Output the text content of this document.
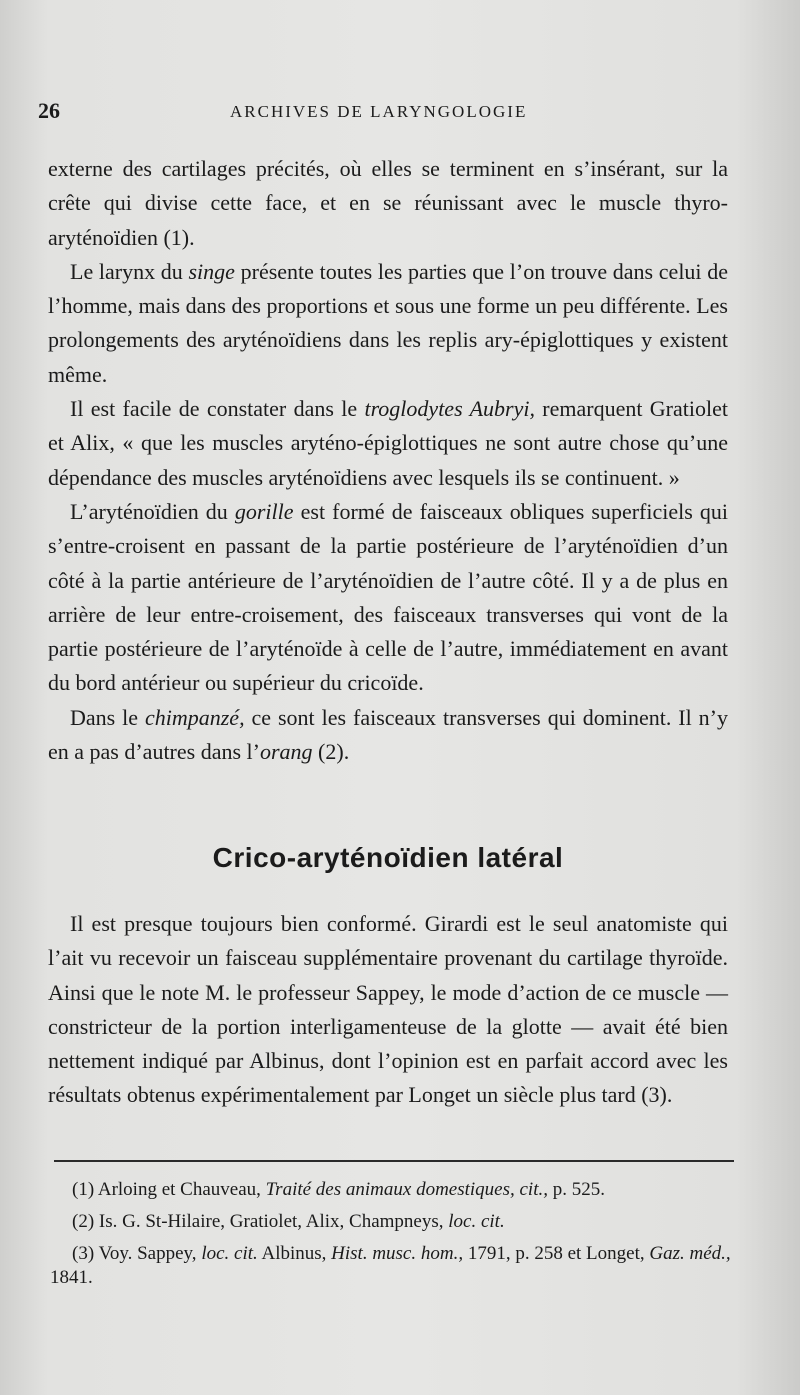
26	ARCHIVES DE LARYNGOLOGIE

externe des cartilages précités, où elles se terminent en s’insérant, sur la crête qui divise cette face, et en se réunissant avec le muscle thyro-aryténoïdien (1).

Le larynx du singe présente toutes les parties que l’on trouve dans celui de l’homme, mais dans des proportions et sous une forme un peu différente. Les prolongements des aryténoïdiens dans les replis ary-épiglottiques y existent même.

Il est facile de constater dans le troglodytes Aubryi, remarquent Gratiolet et Alix, « que les muscles aryténo-épiglottiques ne sont autre chose qu’une dépendance des muscles aryténoïdiens avec lesquels ils se continuent. »

L’aryténoïdien du gorille est formé de faisceaux obliques superficiels qui s’entre-croisent en passant de la partie postérieure de l’aryténoïdien d’un côté à la partie antérieure de l’aryténoïdien de l’autre côté. Il y a de plus en arrière de leur entre-croisement, des faisceaux transverses qui vont de la partie postérieure de l’aryténoïde à celle de l’autre, immédiatement en avant du bord antérieur ou supérieur du cricoïde.

Dans le chimpanzé, ce sont les faisceaux transverses qui dominent. Il n’y en a pas d’autres dans l’orang (2).

Crico-aryténoïdien latéral

Il est presque toujours bien conformé. Girardi est le seul anatomiste qui l’ait vu recevoir un faisceau supplémentaire provenant du cartilage thyroïde. Ainsi que le note M. le professeur Sappey, le mode d’action de ce muscle — constricteur de la portion interligamenteuse de la glotte — avait été bien nettement indiqué par Albinus, dont l’opinion est en parfait accord avec les résultats obtenus expérimentalement par Longet un siècle plus tard (3).

(1) Arloing et Chauveau, Traité des animaux domestiques, cit., p. 525.

(2) Is. G. St-Hilaire, Gratiolet, Alix, Champneys, loc. cit.

(3) Voy. Sappey, loc. cit. Albinus, Hist. musc. hom., 1791, p. 258 et Longet, Gaz. méd., 1841.
